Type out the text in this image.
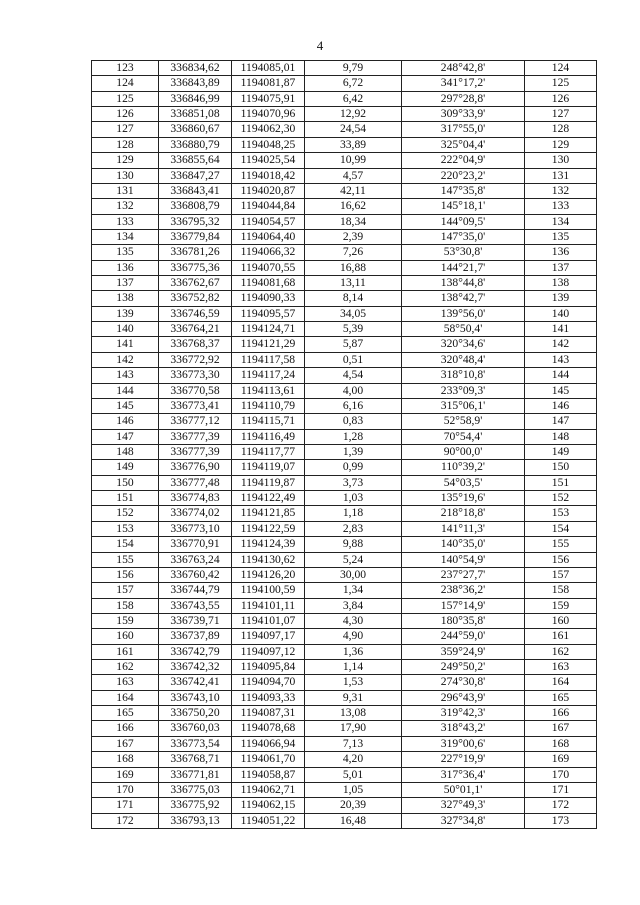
4
123	336834,62	1194085,01	9,79	248°42,8'	124
124	336843,89	1194081,87	6,72	341°17,2'	125
125	336846,99	1194075,91	6,42	297°28,8'	126
126	336851,08	1194070,96	12,92	309°33,9'	127
127	336860,67	1194062,30	24,54	317°55,0'	128
128	336880,79	1194048,25	33,89	325°04,4'	129
129	336855,64	1194025,54	10,99	222°04,9'	130
130	336847,27	1194018,42	4,57	220°23,2'	131
131	336843,41	1194020,87	42,11	147°35,8'	132
132	336808,79	1194044,84	16,62	145°18,1'	133
133	336795,32	1194054,57	18,34	144°09,5'	134
134	336779,84	1194064,40	2,39	147°35,0'	135
135	336781,26	1194066,32	7,26	53°30,8'	136
136	336775,36	1194070,55	16,88	144°21,7'	137
137	336762,67	1194081,68	13,11	138°44,8'	138
138	336752,82	1194090,33	8,14	138°42,7'	139
139	336746,59	1194095,57	34,05	139°56,0'	140
140	336764,21	1194124,71	5,39	58°50,4'	141
141	336768,37	1194121,29	5,87	320°34,6'	142
142	336772,92	1194117,58	0,51	320°48,4'	143
143	336773,30	1194117,24	4,54	318°10,8'	144
144	336770,58	1194113,61	4,00	233°09,3'	145
145	336773,41	1194110,79	6,16	315°06,1'	146
146	336777,12	1194115,71	0,83	52°58,9'	147
147	336777,39	1194116,49	1,28	70°54,4'	148
148	336777,39	1194117,77	1,39	90°00,0'	149
149	336776,90	1194119,07	0,99	110°39,2'	150
150	336777,48	1194119,87	3,73	54°03,5'	151
151	336774,83	1194122,49	1,03	135°19,6'	152
152	336774,02	1194121,85	1,18	218°18,8'	153
153	336773,10	1194122,59	2,83	141°11,3'	154
154	336770,91	1194124,39	9,88	140°35,0'	155
155	336763,24	1194130,62	5,24	140°54,9'	156
156	336760,42	1194126,20	30,00	237°27,7'	157
157	336744,79	1194100,59	1,34	238°36,2'	158
158	336743,55	1194101,11	3,84	157°14,9'	159
159	336739,71	1194101,07	4,30	180°35,8'	160
160	336737,89	1194097,17	4,90	244°59,0'	161
161	336742,79	1194097,12	1,36	359°24,9'	162
162	336742,32	1194095,84	1,14	249°50,2'	163
163	336742,41	1194094,70	1,53	274°30,8'	164
164	336743,10	1194093,33	9,31	296°43,9'	165
165	336750,20	1194087,31	13,08	319°42,3'	166
166	336760,03	1194078,68	17,90	318°43,2'	167
167	336773,54	1194066,94	7,13	319°00,6'	168
168	336768,71	1194061,70	4,20	227°19,9'	169
169	336771,81	1194058,87	5,01	317°36,4'	170
170	336775,03	1194062,71	1,05	50°01,1'	171
171	336775,92	1194062,15	20,39	327°49,3'	172
172	336793,13	1194051,22	16,48	327°34,8'	173
